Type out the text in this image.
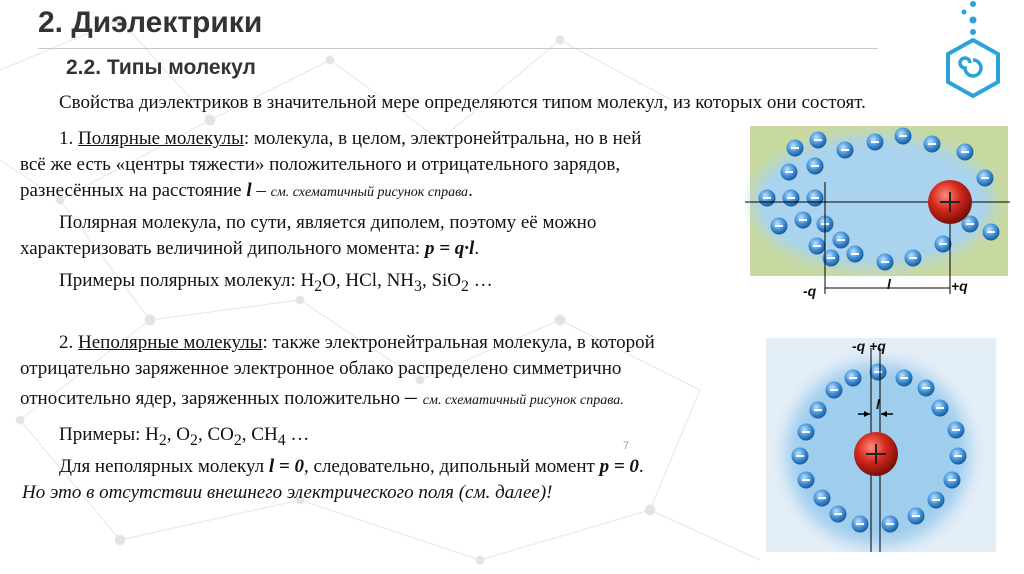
2. Диэлектрики
2.2. Типы молекул
Свойства диэлектриков в значительной мере определяются типом молекул, из которых они состоят.
1. Полярные молекулы: молекула, в целом, электронейтральна, но в ней
всё же есть «центры тяжести» положительного и отрицательного зарядов,
разнесённых на расстояние l – см. схематичный рисунок справа.
Полярная молекула, по сути, является диполем, поэтому её можно
характеризовать величиной дипольного момента: p = q·l.
Примеры полярных молекул: $H_2O$, HCl, $NH_3$, SiO$_2$ …
2. Неполярные молекулы: также электронейтральная молекула, в которой
отрицательно заряженное электронное облако распределено симметрично
относительно ядер, заряженных положительно – см. схематичный рисунок справа.
Примеры: $H_2$, $O_2$, $CO_2$, $CH_4$ …
7
Для неполярных молекул l = 0, следовательно, дипольный момент p = 0.
Но это в отсутствии внешнего электрического поля (см. далее)!
-q	l	+q
-q +q
l
